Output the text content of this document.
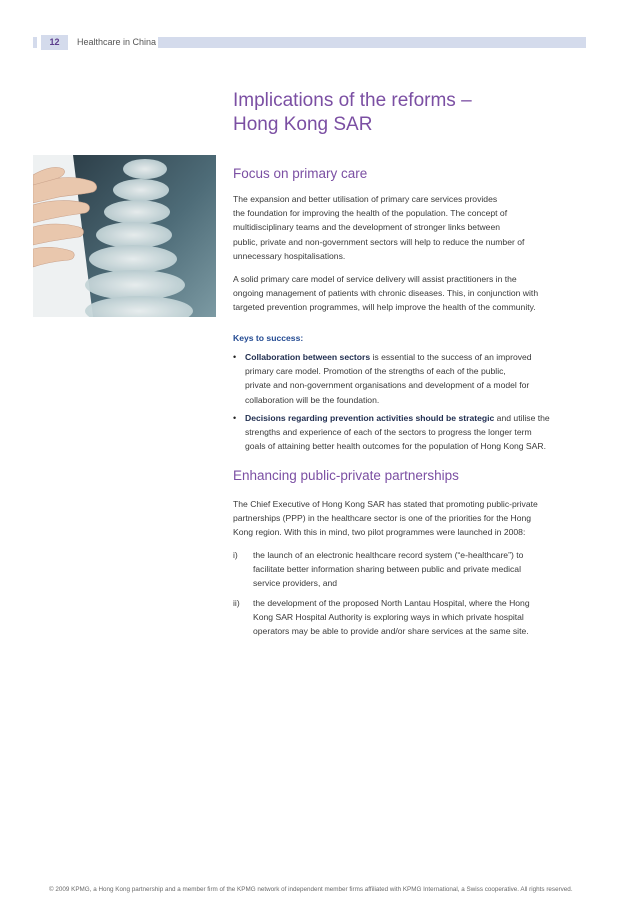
12	Healthcare in China
Implications of the reforms –
Hong Kong SAR
Focus on primary care
The expansion and better utilisation of primary care services provides
the foundation for improving the health of the population. The concept of
multidisciplinary teams and the development of stronger links between
public, private and non-government sectors will help to reduce the number of
unnecessary hospitalisations.
A solid primary care model of service delivery will assist practitioners in the
ongoing management of patients with chronic diseases. This, in conjunction with
targeted prevention programmes, will help improve the health of the community.
Keys to success:
•	Collaboration between sectors is essential to the success of an improved
primary care model. Promotion of the strengths of each of the public,
private and non-government organisations and development of a model for
collaboration will be the foundation.
•	Decisions regarding prevention activities should be strategic and utilise the
strengths and experience of each of the sectors to progress the longer term
goals of attaining better health outcomes for the population of Hong Kong SAR.
Enhancing public-private partnerships
The Chief Executive of Hong Kong SAR has stated that promoting public-private
partnerships (PPP) in the healthcare sector is one of the priorities for the Hong
Kong region. With this in mind, two pilot programmes were launched in 2008:
i)	the launch of an electronic healthcare record system (“e-healthcare”) to
facilitate better information sharing between public and private medical
service providers, and
ii)	the development of the proposed North Lantau Hospital, where the Hong
Kong SAR Hospital Authority is exploring ways in which private hospital
operators may be able to provide and/or share services at the same site.
© 2009 KPMG, a Hong Kong partnership and a member firm of the KPMG network of independent member firms affiliated with KPMG International, a Swiss cooperative. All rights reserved.
